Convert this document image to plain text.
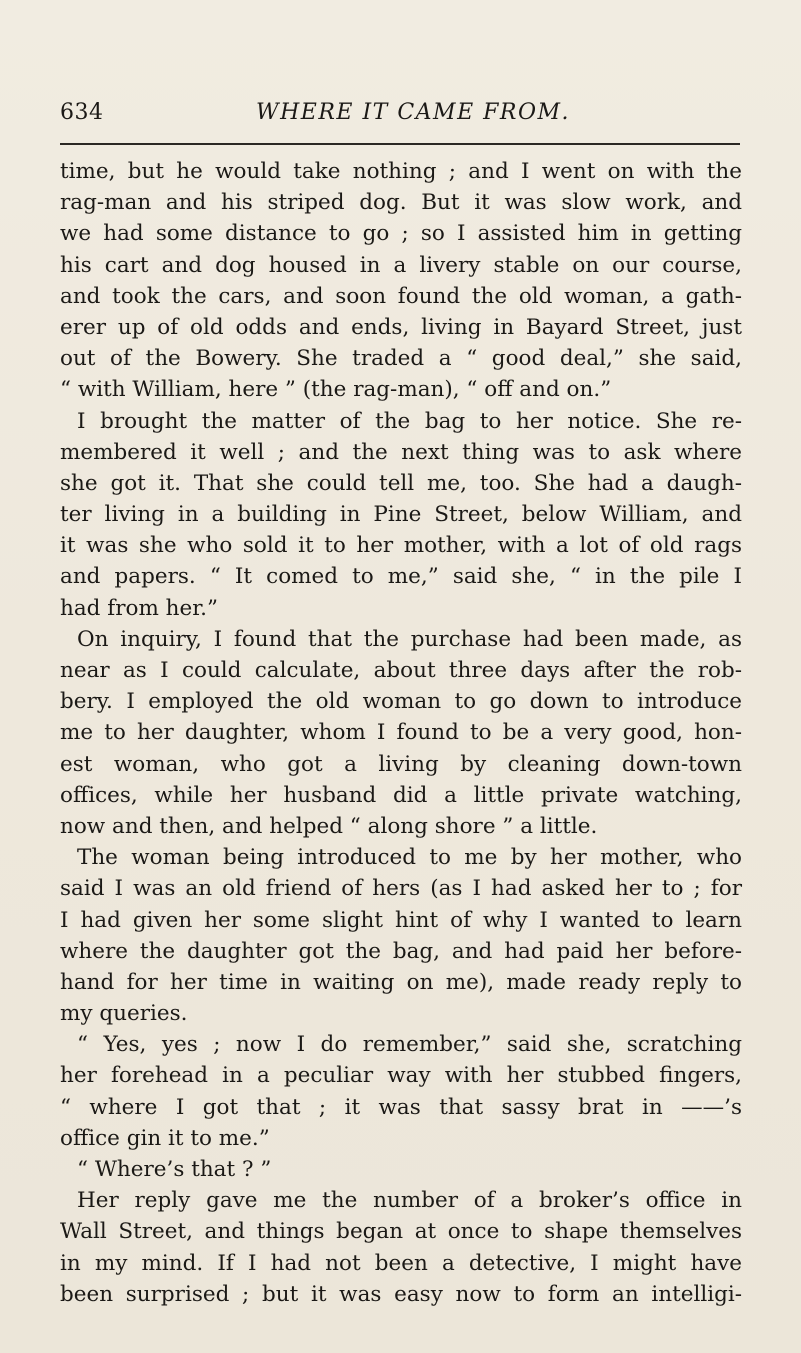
634	WHERE IT CAME FROM.
time, but he would take nothing ; and I went on with the
rag-man and his striped dog. But it was slow work, and
we had some distance to go ; so I assisted him in getting
his cart and dog housed in a livery stable on our course,
and took the cars, and soon found the old woman, a gath-
erer up of old odds and ends, living in Bayard Street, just
out of the Bowery. She traded a “ good deal,” she said,
“ with William, here ” (the rag-man), “ off and on.”
I brought the matter of the bag to her notice. She re-
membered it well ; and the next thing was to ask where
she got it. That she could tell me, too. She had a daugh-
ter living in a building in Pine Street, below William, and
it was she who sold it to her mother, with a lot of old rags
and papers. “ It comed to me,” said she, “ in the pile I
had from her.”
On inquiry, I found that the purchase had been made, as
near as I could calculate, about three days after the rob-
bery. I employed the old woman to go down to introduce
me to her daughter, whom I found to be a very good, hon-
est woman, who got a living by cleaning down-town
offices, while her husband did a little private watching,
now and then, and helped “ along shore ” a little.
The woman being introduced to me by her mother, who
said I was an old friend of hers (as I had asked her to ; for
I had given her some slight hint of why I wanted to learn
where the daughter got the bag, and had paid her before-
hand for her time in waiting on me), made ready reply to
my queries.
“ Yes, yes ; now I do remember,” said she, scratching
her forehead in a peculiar way with her stubbed fingers,
“ where I got that ; it was that sassy brat in ——’s
office gin it to me.”
“ Where’s that ? ”
Her reply gave me the number of a broker’s office in
Wall Street, and things began at once to shape themselves
in my mind. If I had not been a detective, I might have
been surprised ; but it was easy now to form an intelligi-
